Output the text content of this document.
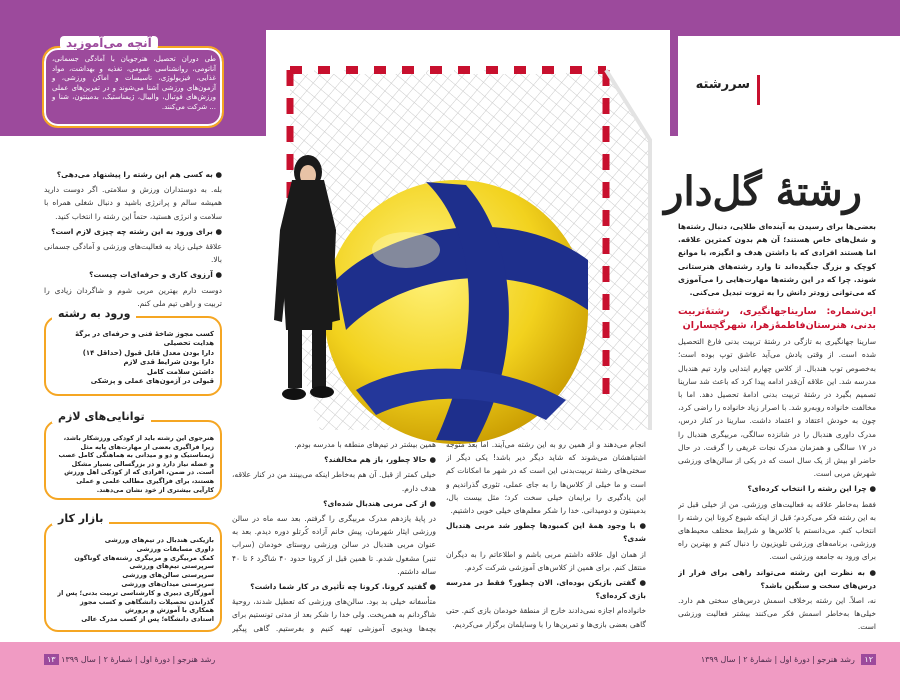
سررشته
رشتهٔ گل‌دار

بعضی‌ها برای رسیدن به آینده‌ای طلایی، دنبال رشته‌ها و شغل‌های خاص هستند؛ آن هم بدون کمترین علاقه. اما هستند افرادی که با داشتن هدف و انگیزه، با موانع کوچک و بزرگ جنگیده‌اند تا وارد رشته‌های هنرستانی شوند. چرا که در این رشته‌ها مهارت‌هایی را می‌آموزی که می‌توانی زودتر دانش را به ثروت تبدیل می‌کنی.

این‌شماره: سارینا‌جهانگیری، رشتهٔ‌تربیت بدنی، هنرستان‌فاطمهٔ‌زهرا، شهرگچساران

سارینا جهانگیری به تازگی در رشتهٔ تربیت بدنی فارغ التحصیل شده است. از وقتی یادش می‌آید عاشق توپ بوده است؛ به‌خصوص توپ هندبال. از کلاس چهارم ابتدایی وارد تیم هندبال مدرسه شد. این علاقه آن‌قدر ادامه پیدا کرد که باعث شد سارینا تصمیم بگیرد در رشتهٔ تربیت بدنی ادامهٔ تحصیل دهد. اما با مخالفت خانواده روبه‌رو شد. با اصرار زیاد خانواده را راضی کرد، چون به خودش اعتقاد و اعتماد داشت. سارینا در کنار درس، مدرک داوری هندبال را در شانزده سالگی، مربیگری هندبال را در ۱۷ سالگی و همزمان مدرک نجات غریقی را گرفت. در حال حاضر او بیش از یک سال است که در یکی از سالن‌های ورزشی شهرش مربی است.

● چرا این رشته را انتخاب کرده‌ای؟

فقط به‌خاطر علاقه به فعالیت‌های ورزشی. من از خیلی قبل تر به این رشته فکر می‌کردم؛ قبل از اینکه شیوع کرونا این رشته را انتخاب کنم. می‌دانستم با کلاس‌ها و شرایط مختلف محیط‌های ورزشی، برنامه‌های ورزشی تلویزیون را دنبال کنم و بهترین راه برای ورود به جامعه ورزشی است.

● به نظرت این رشته می‌تواند راهی برای فرار از درس‌های سخت و سنگین باشد؟

نه، اصلاً. این رشته برخلاف اسمش درس‌های سختی هم دارد. خیلی‌ها به‌خاطر اسمش فکر می‌کنند بیشتر فعالیت ورزشی است.

انجام می‌دهند و از همین رو به این رشته می‌آیند. اما بعد متوجه اشتباهشان می‌شوند که شاید دیگر دیر باشد! یکی دیگر از سختی‌های رشتهٔ تربیت‌بدنی این است که در شهر ما امکانات کم است و ما خیلی از کلاس‌ها را به جای عملی، تئوری گذراندیم و این یادگیری را برایمان خیلی سخت کرد؛ مثل بیست بال، بدمینتون و دومیدانی. خدا را شکر معلم‌های خیلی خوبی داشتیم.

● با وجود همهٔ این کمبودها چطور شد مربی هندبال شدی؟

از همان اول علاقه داشتم مربی باشم و اطلاعاتم را به دیگران منتقل کنم. برای همین از کلاس‌های آموزشی شرکت کردم.

● گفتی بازیکن بوده‌ای. الان چطور؟ فقط در مدرسه بازی کرده‌ای؟

خانواده‌ام اجازه نمی‌دادند خارج از منطقهٔ خودمان بازی کنم. حتی گاهی بعضی بازی‌ها و تمرین‌ها را با وسایلمان برگزار می‌کردیم.

همین بیشتر در تیم‌های منطقه با مدرسه بودم.

● حالا چطور، باز هم مخالفند؟

خیلی کمتر از قبل. آن هم به‌خاطر اینکه می‌بینند من در کنار علاقه، هدف دارم.

● از کی مربی هندبال شده‌ای؟

در پایهٔ یازدهم مدرک مربیگری را گرفتم. بعد سه ماه در سالن ورزشی ایثار شهرمان، پیش خانم آزاده کُرتلو دوره دیدم. بعد به عنوان مربی هندبال در سالن ورزشی روستای خودمان (سراب تنبر) مشغول شدم. تا همین قبل از کرونا حدود ۴۰ شاگرد ۶ تا ۴۰ ساله داشتم.

● گفتید کرونا. کرونا چه تأثیری در کار شما داشت؟

متأسفانه خیلی بد بود. سالن‌های ورزشی که تعطیل شدند، روحیهٔ شاگردانم به همریخت. ولی خدا را شکر بعد از مدتی تونستیم برای بچه‌ها ویدیوی آموزشی تهیه کنیم و بفرستیم. گاهی پیگیر

آنچه می‌آموزید
طی دوران تحصیل، هنرجویان با آمادگی جسمانی، آناتومی، روانشناسی عمومی، تغذیه و بهداشت، مواد غذایی، فیزیولوژی، تاسیسات و اماکن ورزشی، و آزمون‌های ورزشی آشنا می‌شوند و در تمرین‌های عملی ورزش‌های فوتبال، والیبال، ژیمناستیک، بدمینتون، شنا و ... شرکت می‌کنند.

● به کسی هم این رشته را پیشنهاد می‌دهی؟

بله. به دوستداران ورزش و سلامتی. اگر دوست دارید همیشه سالم و پرانرژی باشید و دنبال شغلی همراه با سلامت و انرژی هستید، حتماً این رشته را انتخاب کنید.

● برای ورود به این رشته چه چیزی لازم است؟

علاقهٔ خیلی زیاد به فعالیت‌های ورزشی و آمادگی جسمانی بالا.

● آرزوی کاری و حرفه‌ای‌ات چیست؟

دوست دارم بهترین مربی شوم و شاگردان زیادی را تربیت و راهی تیم ملی کنم.

ورود به رشته
کسب مجوز شاخهٔ فنی و حرفه‌ای در برگهٔ هدایت تحصیلی
دارا بودن معدل قابل قبول (حداقل ۱۴)
دارا بودن شرایط قدی لازم
داشتن سلامت کامل
قبولی در آزمون‌های عملی و پزشکی
توانایی‌های لازم
هنرجوی این رشته باید از کودکی ورزشکار باشد، زیرا فراگیری بعضی از مهارت‌های پایه مثل ژیمناستیک و دو و میدانی به هماهنگی کامل عصب و عضله نیاز دارد و در بزرگسالی بسیار مشکل است. در ضمن، افرادی که از کودکی اهل ورزش هستند، برای فراگیری مطالب علمی و عملی کارآیی بیشتری از خود نشان می‌دهند.
بازار کار
بازیکنی هندبال در تیم‌های ورزشی
داوری مسابقات ورزشی
کمک مربیگری و مربیگری رشته‌های گوناگون
سرپرستی تیم‌های ورزشی
سرپرستی سالن‌های ورزشی
سرپرستی میدان‌های ورزشی
آموزگاری دبیری و کارشناسی تربیت بدنی؛ پس از گذراندن تحصیلات دانشگاهی و کسب مجوز همکاری با آموزش و پرورش
استادی دانشگاه؛ پس از کسب مدرک عالی
۱۲ رشد هنرجو | دورهٔ اول | شمارهٔ ۲ | سال ۱۳۹۹
رشد هنرجو | دورهٔ اول | شمارهٔ ۲ | سال ۱۳۹۹ ۱۳
